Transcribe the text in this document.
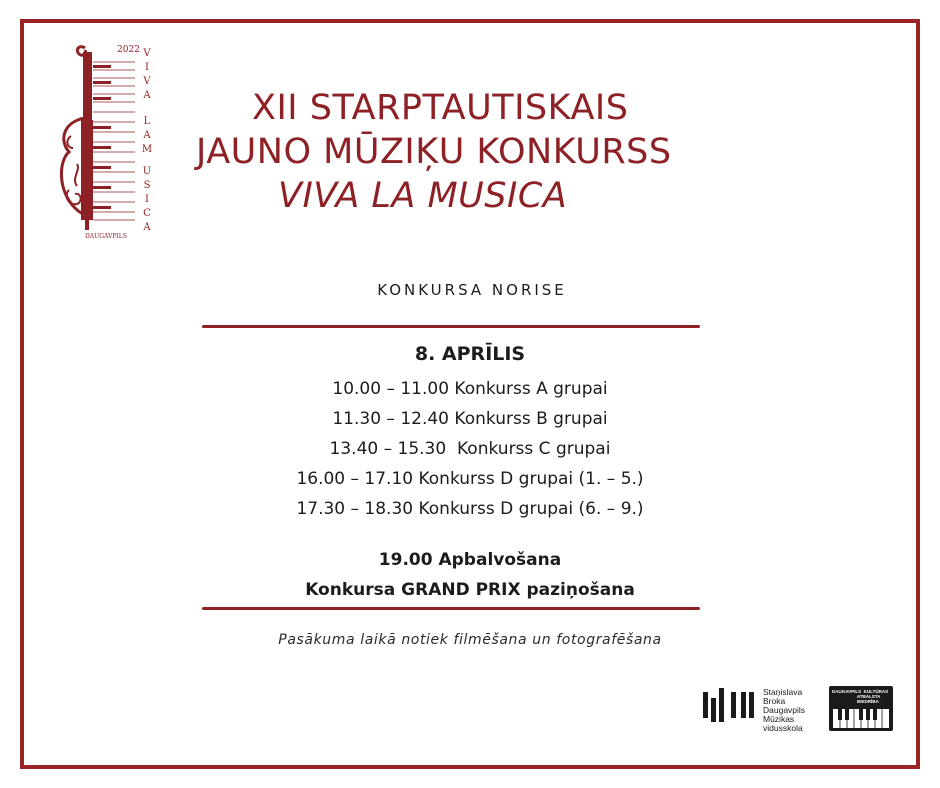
2022 V
I
V
A
L
A
M
U
S
I
C
A
DAUGAVPILS
XII STARPTAUTISKAIS
JAUNO MŪZIĶU KONKURSS
VIVA LA MUSICA
KONKURSA NORISE
8. APRĪLIS
10.00 – 11.00 Konkurss A grupai
11.30 – 12.40 Konkurss B grupai
13.40 – 15.30  Konkurss C grupai
16.00 – 17.10 Konkurss D grupai (1. – 5.)
17.30 – 18.30 Konkurss D grupai (6. – 9.)
19.00 Apbalvošana
Konkursa GRAND PRIX paziņošana
Pasākuma laikā notiek filmēšana un fotografēšana
Staņislava
Broka
Daugavpils
Mūzikas
vidusskola
DAUGAVPILS  KULTŪRAS
ATBALSTA
BIEDRĪBA
